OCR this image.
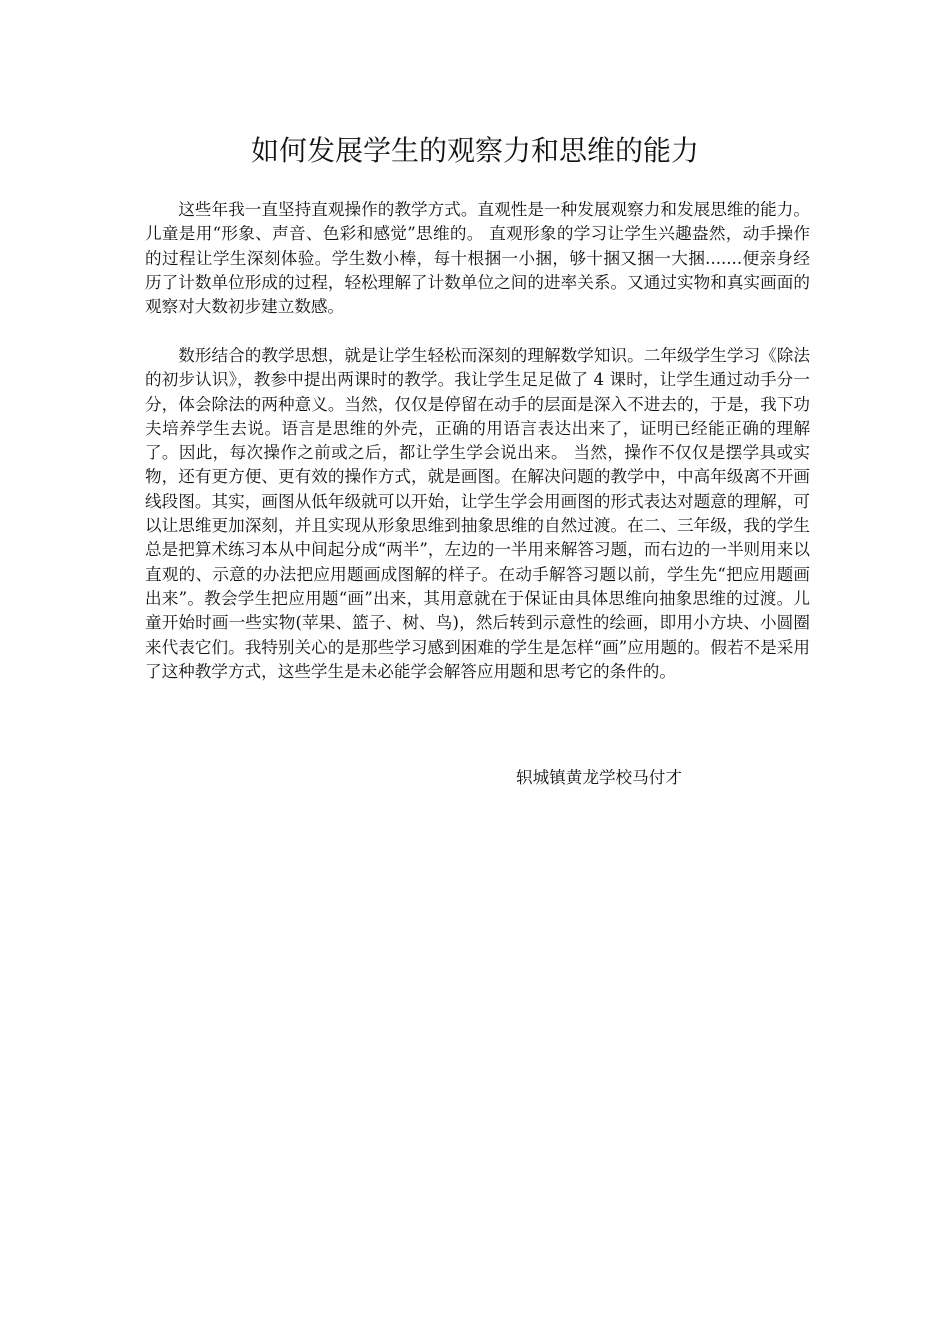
如何发展学生的观察力和思维的能力

这些年我一直坚持直观操作的教学方式。直观性是一种发展观察力和发展思维的能力。儿童是用“形象、声音、色彩和感觉”思维的。 直观形象的学习让学生兴趣盎然，动手操作的过程让学生深刻体验。学生数小棒，每十根捆一小捆，够十捆又捆一大捆.......便亲身经历了计数单位形成的过程，轻松理解了计数单位之间的进率关系。又通过实物和真实画面的观察对大数初步建立数感。

数形结合的教学思想，就是让学生轻松而深刻的理解数学知识。二年级学生学习《除法的初步认识》，教参中提出两课时的教学。我让学生足足做了 4 课时，让学生通过动手分一分，体会除法的两种意义。当然，仅仅是停留在动手的层面是深入不进去的，于是，我下功夫培养学生去说。语言是思维的外壳，正确的用语言表达出来了，证明已经能正确的理解了。因此，每次操作之前或之后，都让学生学会说出来。 当然，操作不仅仅是摆学具或实物，还有更方便、更有效的操作方式，就是画图。在解决问题的教学中，中高年级离不开画线段图。其实，画图从低年级就可以开始，让学生学会用画图的形式表达对题意的理解，可以让思维更加深刻，并且实现从形象思维到抽象思维的自然过渡。在二、三年级，我的学生总是把算术练习本从中间起分成“两半”，左边的一半用来解答习题，而右边的一半则用来以直观的、示意的办法把应用题画成图解的样子。在动手解答习题以前，学生先“把应用题画出来”。教会学生把应用题“画”出来，其用意就在于保证由具体思维向抽象思维的过渡。儿童开始时画一些实物(苹果、篮子、树、鸟)，然后转到示意性的绘画，即用小方块、小圆圈来代表它们。我特别关心的是那些学习感到困难的学生是怎样“画”应用题的。假若不是采用了这种教学方式，这些学生是未必能学会解答应用题和思考它的条件的。

轵城镇黄龙学校马付才
